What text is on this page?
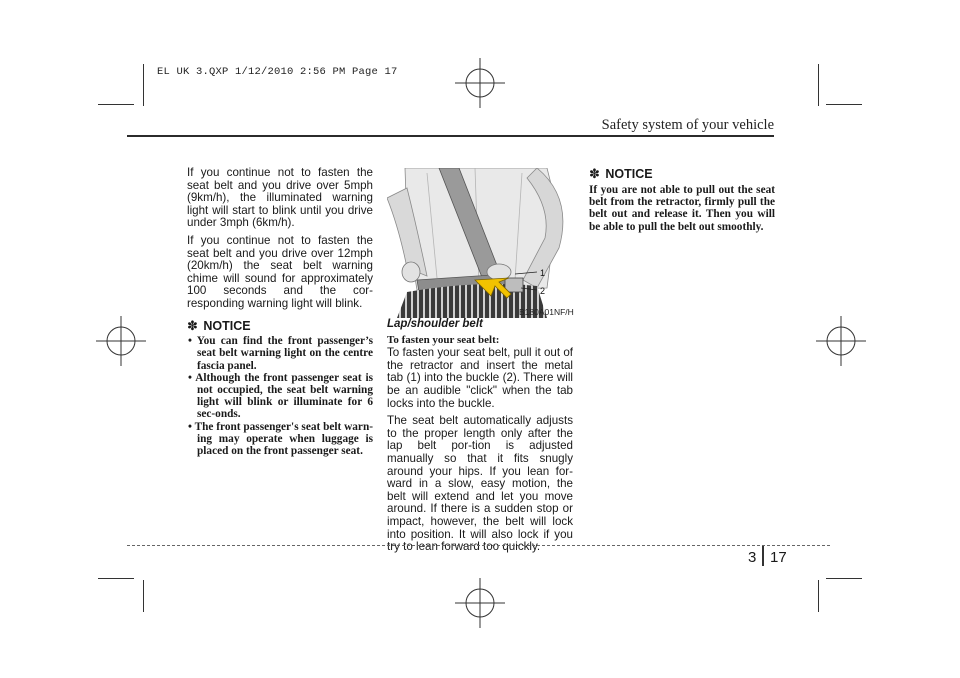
EL UK 3.QXP 1/12/2010 2:56 PM Page 17
Safety system of your vehicle

If you continue not to fasten the seat belt and you drive over 5mph (9km/h), the illuminated warning light will start to blink until you drive under 3mph (6km/h).

If you continue not to fasten the seat belt and you drive over 12mph (20km/h) the seat belt warning chime will sound for approximately 100 seconds and the cor-responding warning light will blink.

✽ NOTICE
• You can find the front passenger’s seat belt warning light on the centre fascia panel.
• Although the front passenger seat is not occupied, the seat belt warning light will blink or illuminate for 6 sec-onds.
• The front passenger's seat belt warn-ing may operate when luggage is placed on the front passenger seat.
1
2
B180A01NF/H
Lap/shoulder belt
To fasten your seat belt:

To fasten your seat belt, pull it out of the retractor and insert the metal tab (1) into the buckle (2). There will be an audible "click" when the tab locks into the buckle.

The seat belt automatically adjusts to the proper length only after the lap belt por-tion is adjusted manually so that it fits snugly around your hips. If you lean for-ward in a slow, easy motion, the belt will extend and let you move around. If there is a sudden stop or impact, however, the belt will lock into position. It will also lock if you try to lean forward too quickly.

✽ NOTICE
If you are not able to pull out the seat belt from the retractor, firmly pull the belt out and release it. Then you will be able to pull the belt out smoothly.
3 17
